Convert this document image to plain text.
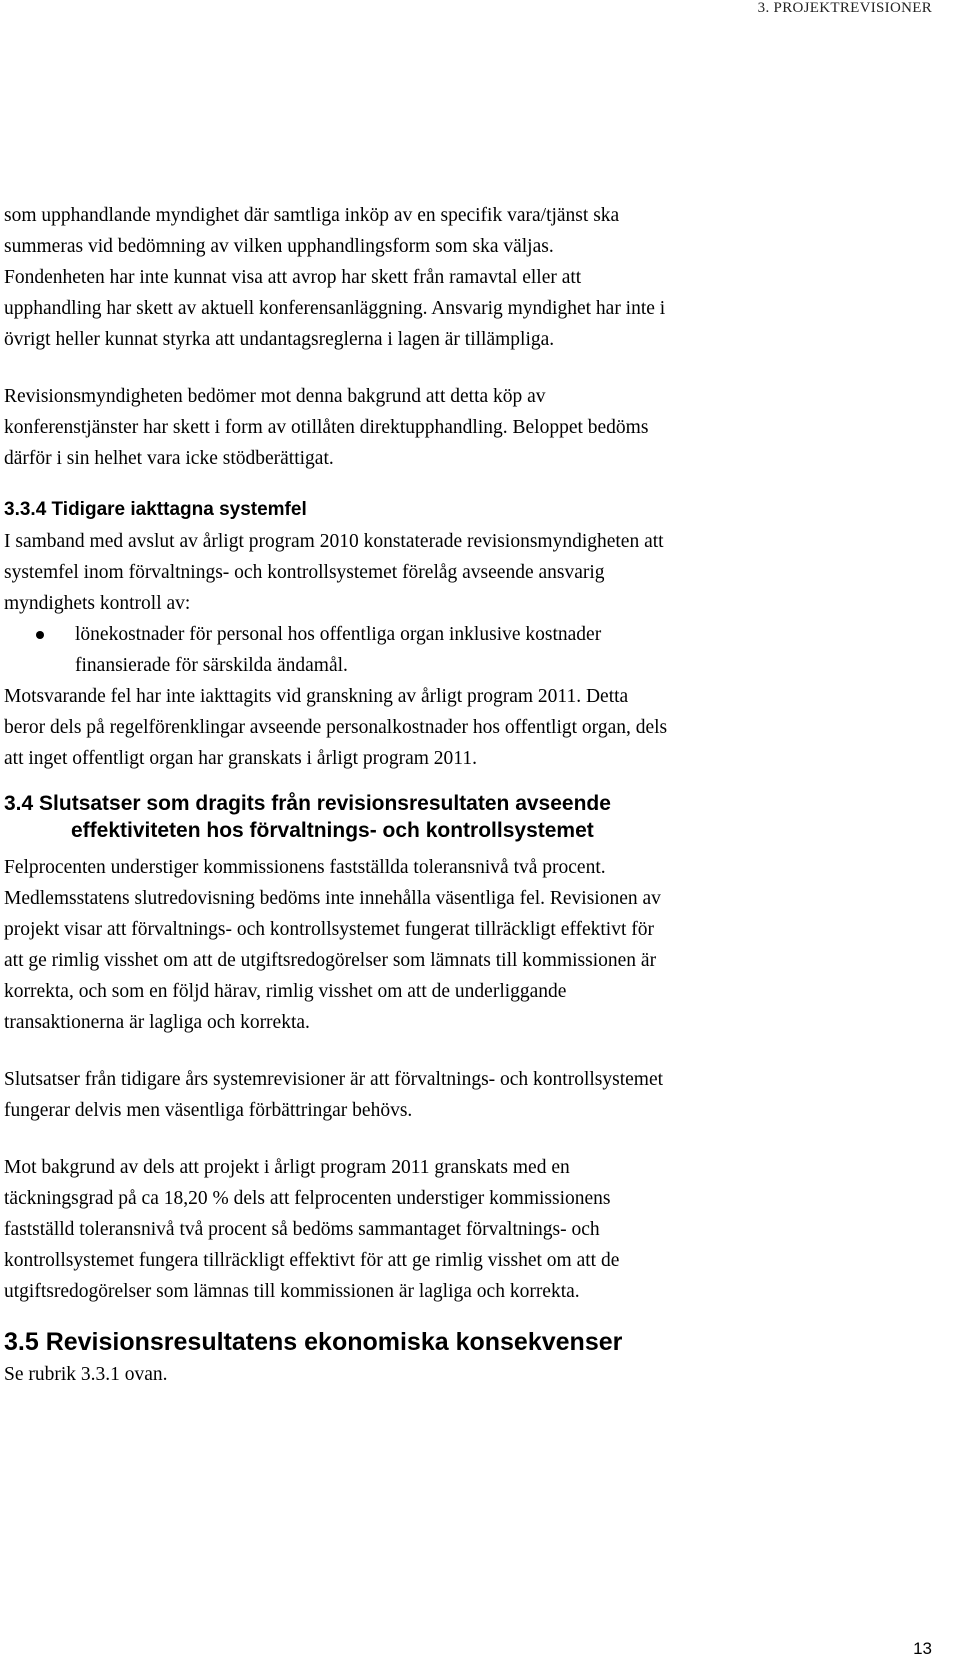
3. PROJEKTREVISIONER

som upphandlande myndighet där samtliga inköp av en specifik vara/tjänst ska

summeras vid bedömning av vilken upphandlingsform som ska väljas.

Fondenheten har inte kunnat visa att avrop har skett från ramavtal eller att

upphandling har skett av aktuell konferensanläggning. Ansvarig myndighet har inte i

övrigt heller kunnat styrka att undantagsreglerna i lagen är tillämpliga.

Revisionsmyndigheten bedömer mot denna bakgrund att detta köp av

konferenstjänster har skett i form av otillåten direktupphandling. Beloppet bedöms

därför i sin helhet vara icke stödberättigat.

3.3.4 Tidigare iakttagna systemfel

I samband med avslut av årligt program 2010 konstaterade revisionsmyndigheten att

systemfel inom förvaltnings- och kontrollsystemet förelåg avseende ansvarig

myndighets kontroll av:

lönekostnader för personal hos offentliga organ inklusive kostnader
finansierade för särskilda ändamål.

Motsvarande fel har inte iakttagits vid granskning av årligt program 2011. Detta

beror dels på regelförenklingar avseende personalkostnader hos offentligt organ, dels

att inget offentligt organ har granskats i årligt program 2011.

3.4 Slutsatser som dragits från revisionsresultaten avseende
effektiviteten hos förvaltnings- och kontrollsystemet

Felprocenten understiger kommissionens fastställda toleransnivå två procent.

Medlemsstatens slutredovisning bedöms inte innehålla väsentliga fel. Revisionen av

projekt visar att förvaltnings- och kontrollsystemet fungerat tillräckligt effektivt för

att ge rimlig visshet om att de utgiftsredogörelser som lämnats till kommissionen är

korrekta, och som en följd härav, rimlig visshet om att de underliggande

transaktionerna är lagliga och korrekta.

Slutsatser från tidigare års systemrevisioner är att förvaltnings- och kontrollsystemet

fungerar delvis men väsentliga förbättringar behövs.

Mot bakgrund av dels att projekt i årligt program 2011 granskats med en

täckningsgrad på ca 18,20 % dels att felprocenten understiger kommissionens

fastställd toleransnivå två procent så bedöms sammantaget förvaltnings- och

kontrollsystemet fungera tillräckligt effektivt för att ge rimlig visshet om att de

utgiftsredogörelser som lämnas till kommissionen är lagliga och korrekta.

3.5 Revisionsresultatens ekonomiska konsekvenser

Se rubrik 3.3.1 ovan.

13
